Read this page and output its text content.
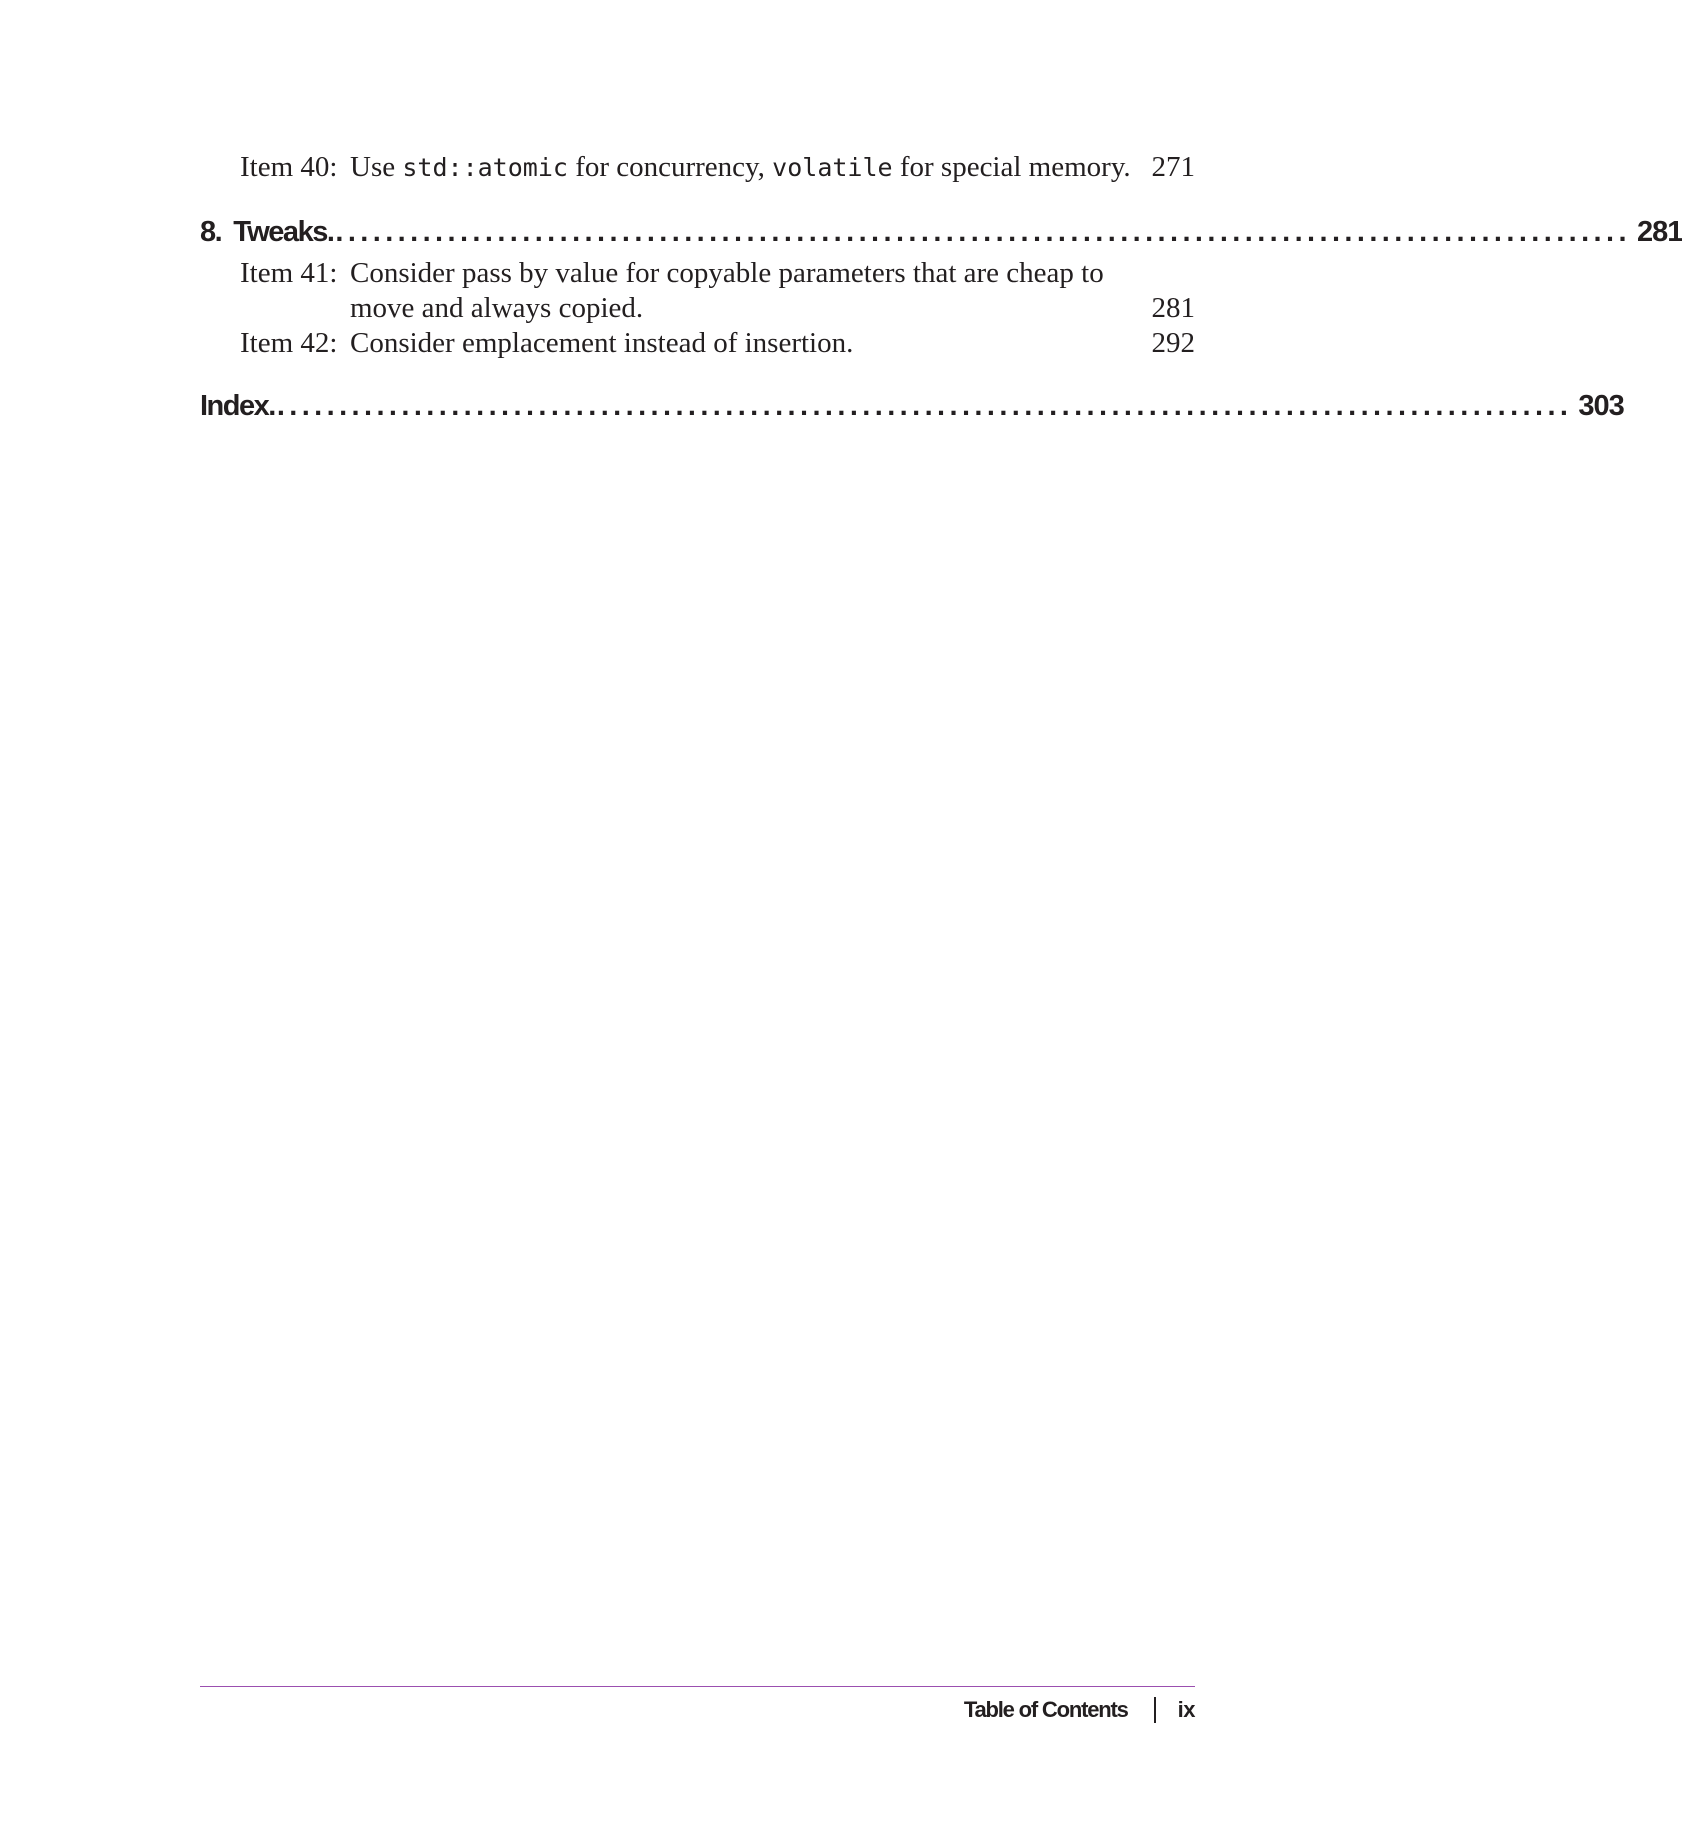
Item 40: Use std::atomic for concurrency, volatile for special memory. 271
8. Tweaks. ........................................................................................................ 281
Item 41: Consider pass by value for copyable parameters that are cheap to
move and always copied.	281
Item 42: Consider emplacement instead of insertion.	292
Index. ........................................................................................................ 303
Table of Contents ix
